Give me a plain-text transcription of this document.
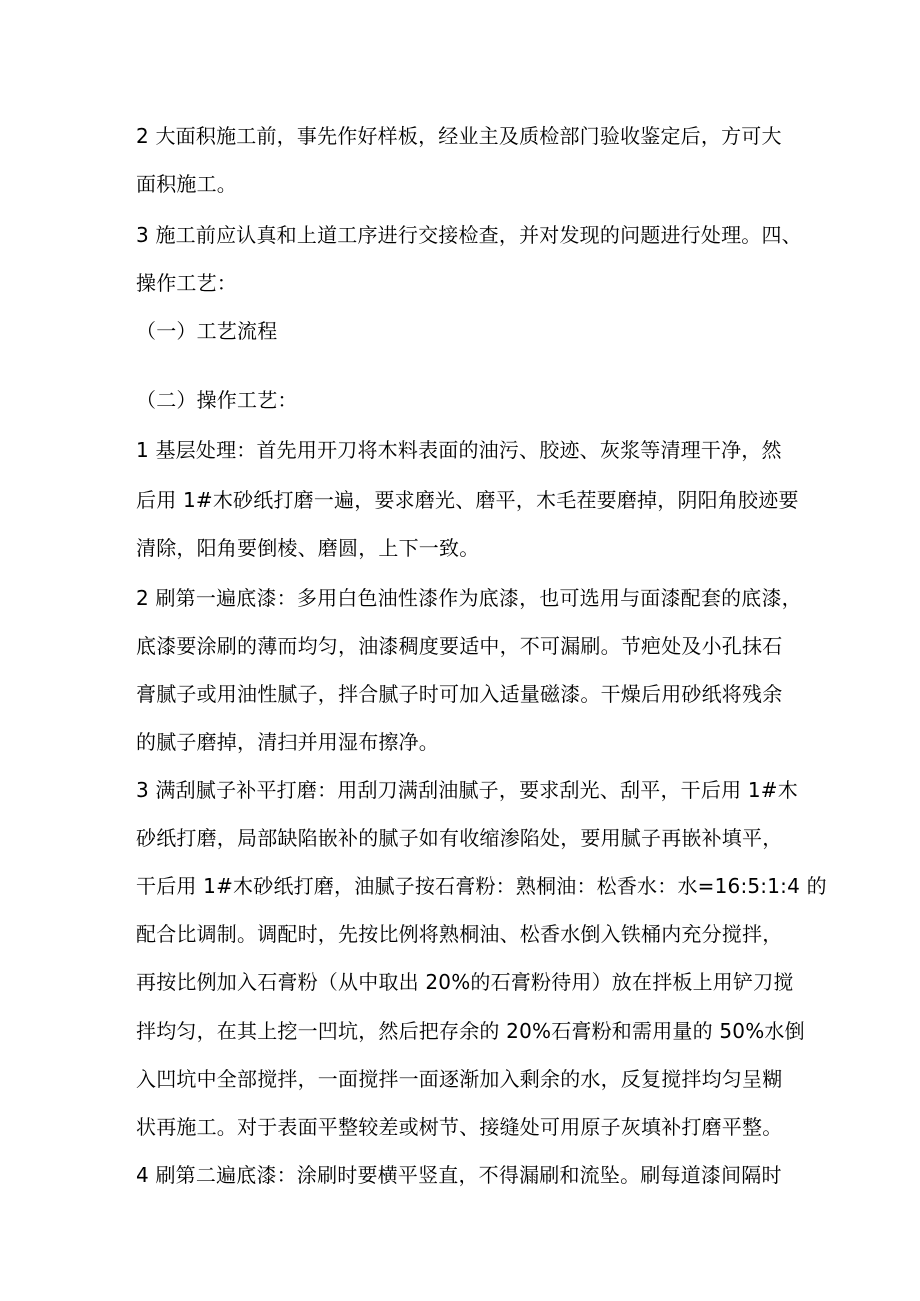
2 大面积施工前，事先作好样板，经业主及质检部门验收鉴定后，方可大
面积施工。
3 施工前应认真和上道工序进行交接检查，并对发现的问题进行处理。四、
操作工艺：
（一）工艺流程
（二）操作工艺：
1 基层处理：首先用开刀将木料表面的油污、胶迹、灰浆等清理干净，然
后用 1#木砂纸打磨一遍，要求磨光、磨平，木毛茬要磨掉，阴阳角胶迹要
清除，阳角要倒棱、磨圆，上下一致。
2 刷第一遍底漆：多用白色油性漆作为底漆，也可选用与面漆配套的底漆，
底漆要涂刷的薄而均匀，油漆稠度要适中，不可漏刷。节疤处及小孔抹石
膏腻子或用油性腻子，拌合腻子时可加入适量磁漆。干燥后用砂纸将残余
的腻子磨掉，清扫并用湿布擦净。
3 满刮腻子补平打磨：用刮刀满刮油腻子，要求刮光、刮平，干后用 1#木
砂纸打磨，局部缺陷嵌补的腻子如有收缩渗陷处，要用腻子再嵌补填平，
干后用 1#木砂纸打磨，油腻子按石膏粉：熟桐油：松香水：水=16:5:1:4 的
配合比调制。调配时，先按比例将熟桐油、松香水倒入铁桶内充分搅拌，
再按比例加入石膏粉（从中取出 20%的石膏粉待用）放在拌板上用铲刀搅
拌均匀，在其上挖一凹坑，然后把存余的 20%石膏粉和需用量的 50%水倒
入凹坑中全部搅拌，一面搅拌一面逐渐加入剩余的水，反复搅拌均匀呈糊
状再施工。对于表面平整较差或树节、接缝处可用原子灰填补打磨平整。
4 刷第二遍底漆：涂刷时要横平竖直，不得漏刷和流坠。刷每道漆间隔时
